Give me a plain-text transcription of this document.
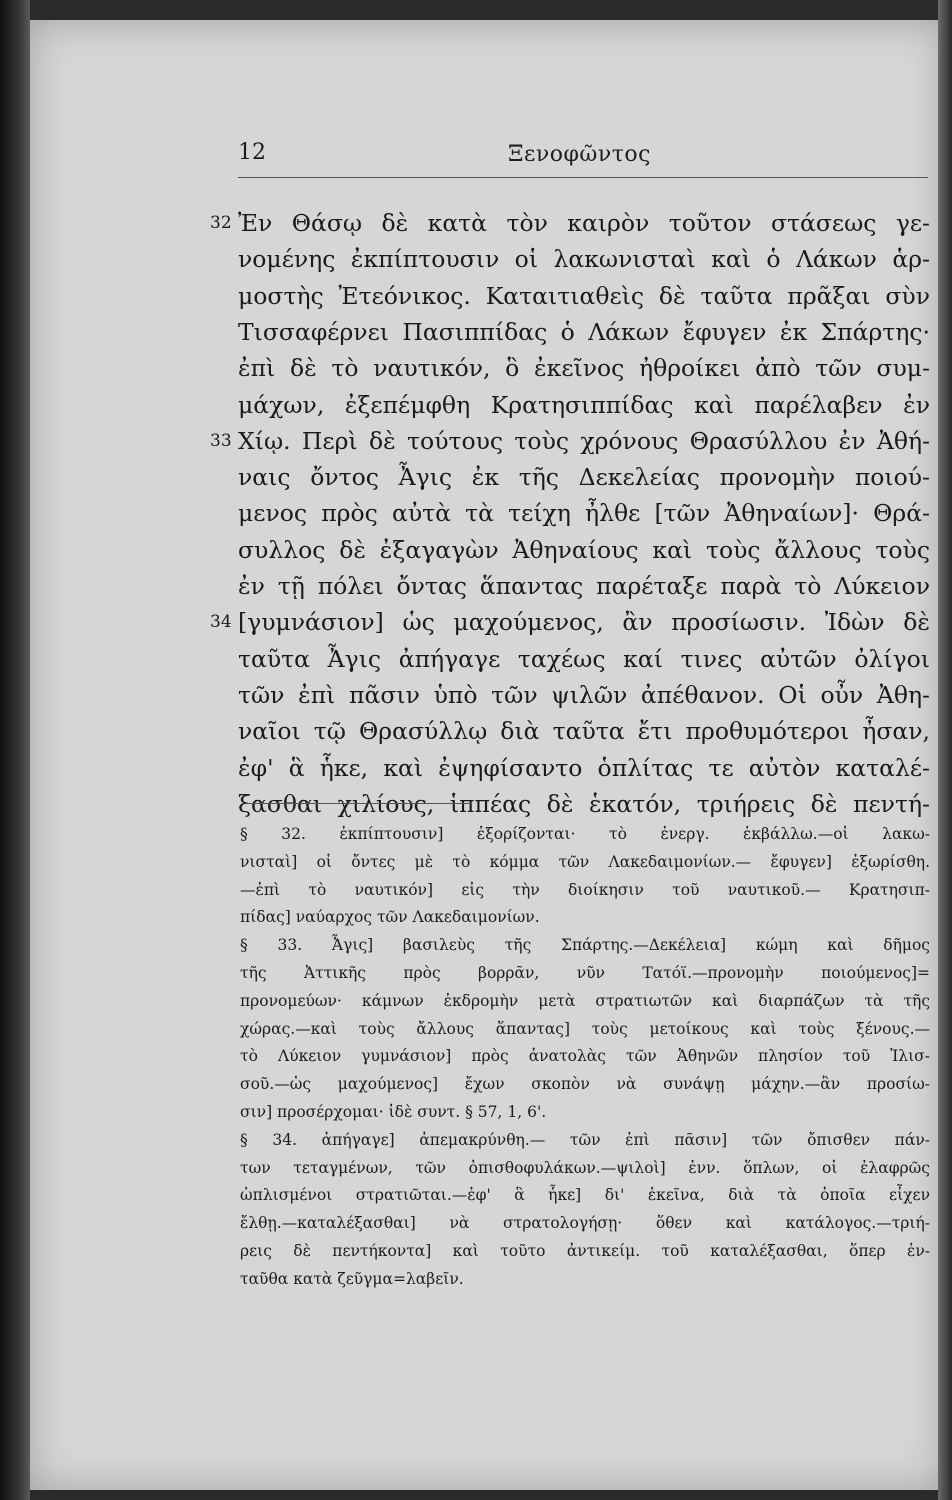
12	Ξενοφῶντος
Ἐν Θάσῳ δὲ κατὰ τὸν καιρὸν τοῦτον στάσεως γε-
νομένης ἐκπίπτουσιν οἱ λακωνισταὶ καὶ ὁ Λάκων ἁρ-
μοστὴς Ἐτεόνικος. Καταιτιαθεὶς δὲ ταῦτα πρᾶξαι σὺν
Τισσαφέρνει Πασιππίδας ὁ Λάκων ἔφυγεν ἐκ Σπάρτης·
ἐπὶ δὲ τὸ ναυτικόν, ὃ ἐκεῖνος ἠθροίκει ἀπὸ τῶν συμ-
μάχων, ἐξεπέμφθη Κρατησιππίδας καὶ παρέλαβεν ἐν
Χίῳ. Περὶ δὲ τούτους τοὺς χρόνους Θρασύλλου ἐν Ἀθή-
ναις ὄντος Ἆγις ἐκ τῆς Δεκελείας προνομὴν ποιού-
μενος πρὸς αὐτὰ τὰ τείχη ἦλθε [τῶν Ἀθηναίων]· Θρά-
συλλος δὲ ἐξαγαγὼν Ἀθηναίους καὶ τοὺς ἄλλους τοὺς
ἐν τῇ πόλει ὄντας ἅπαντας παρέταξε παρὰ τὸ Λύκειον
[γυμνάσιον] ὡς μαχούμενος, ἂν προσίωσιν. Ἰδὼν δὲ
ταῦτα Ἆγις ἀπήγαγε ταχέως καί τινες αὐτῶν ὀλίγοι
τῶν ἐπὶ πᾶσιν ὑπὸ τῶν ψιλῶν ἀπέθανον. Οἱ οὖν Ἀθη-
ναῖοι τῷ Θρασύλλῳ διὰ ταῦτα ἔτι προθυμότεροι ἦσαν,
ἐφ' ἃ ἧκε, καὶ ἐψηφίσαντο ὁπλίτας τε αὐτὸν καταλέ-
ξασθαι χιλίους, ἱππέας δὲ ἑκατόν, τριήρεις δὲ πεντή-
32
33
34
§ 32. ἐκπίπτουσιν] ἐξορίζονται· τὸ ἐνεργ. ἐκβάλλω.—οἱ λακω-
νισταὶ] οἱ ὄντες μὲ τὸ κόμμα τῶν Λακεδαιμονίων.— ἔφυγεν] ἐξωρίσθη.
—ἐπὶ τὸ ναυτικόν] εἰς τὴν διοίκησιν τοῦ ναυτικοῦ.— Κρατησιπ-
πίδας] ναύαρχος τῶν Λακεδαιμονίων.
§ 33. Ἆγις] βασιλεὺς τῆς Σπάρτης.—Δεκέλεια] κώμη καὶ δῆμος
τῆς Ἀττικῆς πρὸς βορρᾶν, νῦν Τατόϊ.—προνομὴν ποιούμενος]=
προνομεύων· κάμνων ἐκδρομὴν μετὰ στρατιωτῶν καὶ διαρπάζων τὰ τῆς
χώρας.—καὶ τοὺς ἄλλους ἅπαντας] τοὺς μετοίκους καὶ τοὺς ξένους.—
τὸ Λύκειον γυμνάσιον] πρὸς ἀνατολὰς τῶν Ἀθηνῶν πλησίον τοῦ Ἰλισ-
σοῦ.—ὡς μαχούμενος] ἔχων σκοπὸν νὰ συνάψῃ μάχην.—ἂν προσίω-
σιν] προσέρχομαι· ἰδὲ συντ. § 57, 1, 6'.
§ 34. ἀπήγαγε] ἀπεμακρύνθη.— τῶν ἐπὶ πᾶσιν] τῶν ὄπισθεν πάν-
των τεταγμένων, τῶν ὀπισθοφυλάκων.—ψιλοὶ] ἐνν. ὅπλων, οἱ ἐλαφρῶς
ὡπλισμένοι στρατιῶται.—ἐφ' ἃ ἧκε] δι' ἐκεῖνα, διὰ τὰ ὁποῖα εἶχεν
ἔλθῃ.—καταλέξασθαι] νὰ στρατολογήσῃ· ὅθεν καὶ κατάλογος.—τριή-
ρεις δὲ πεντήκοντα] καὶ τοῦτο ἀντικείμ. τοῦ καταλέξασθαι, ὅπερ ἐν-
ταῦθα κατὰ ζεῦγμα=λαβεῖν.
